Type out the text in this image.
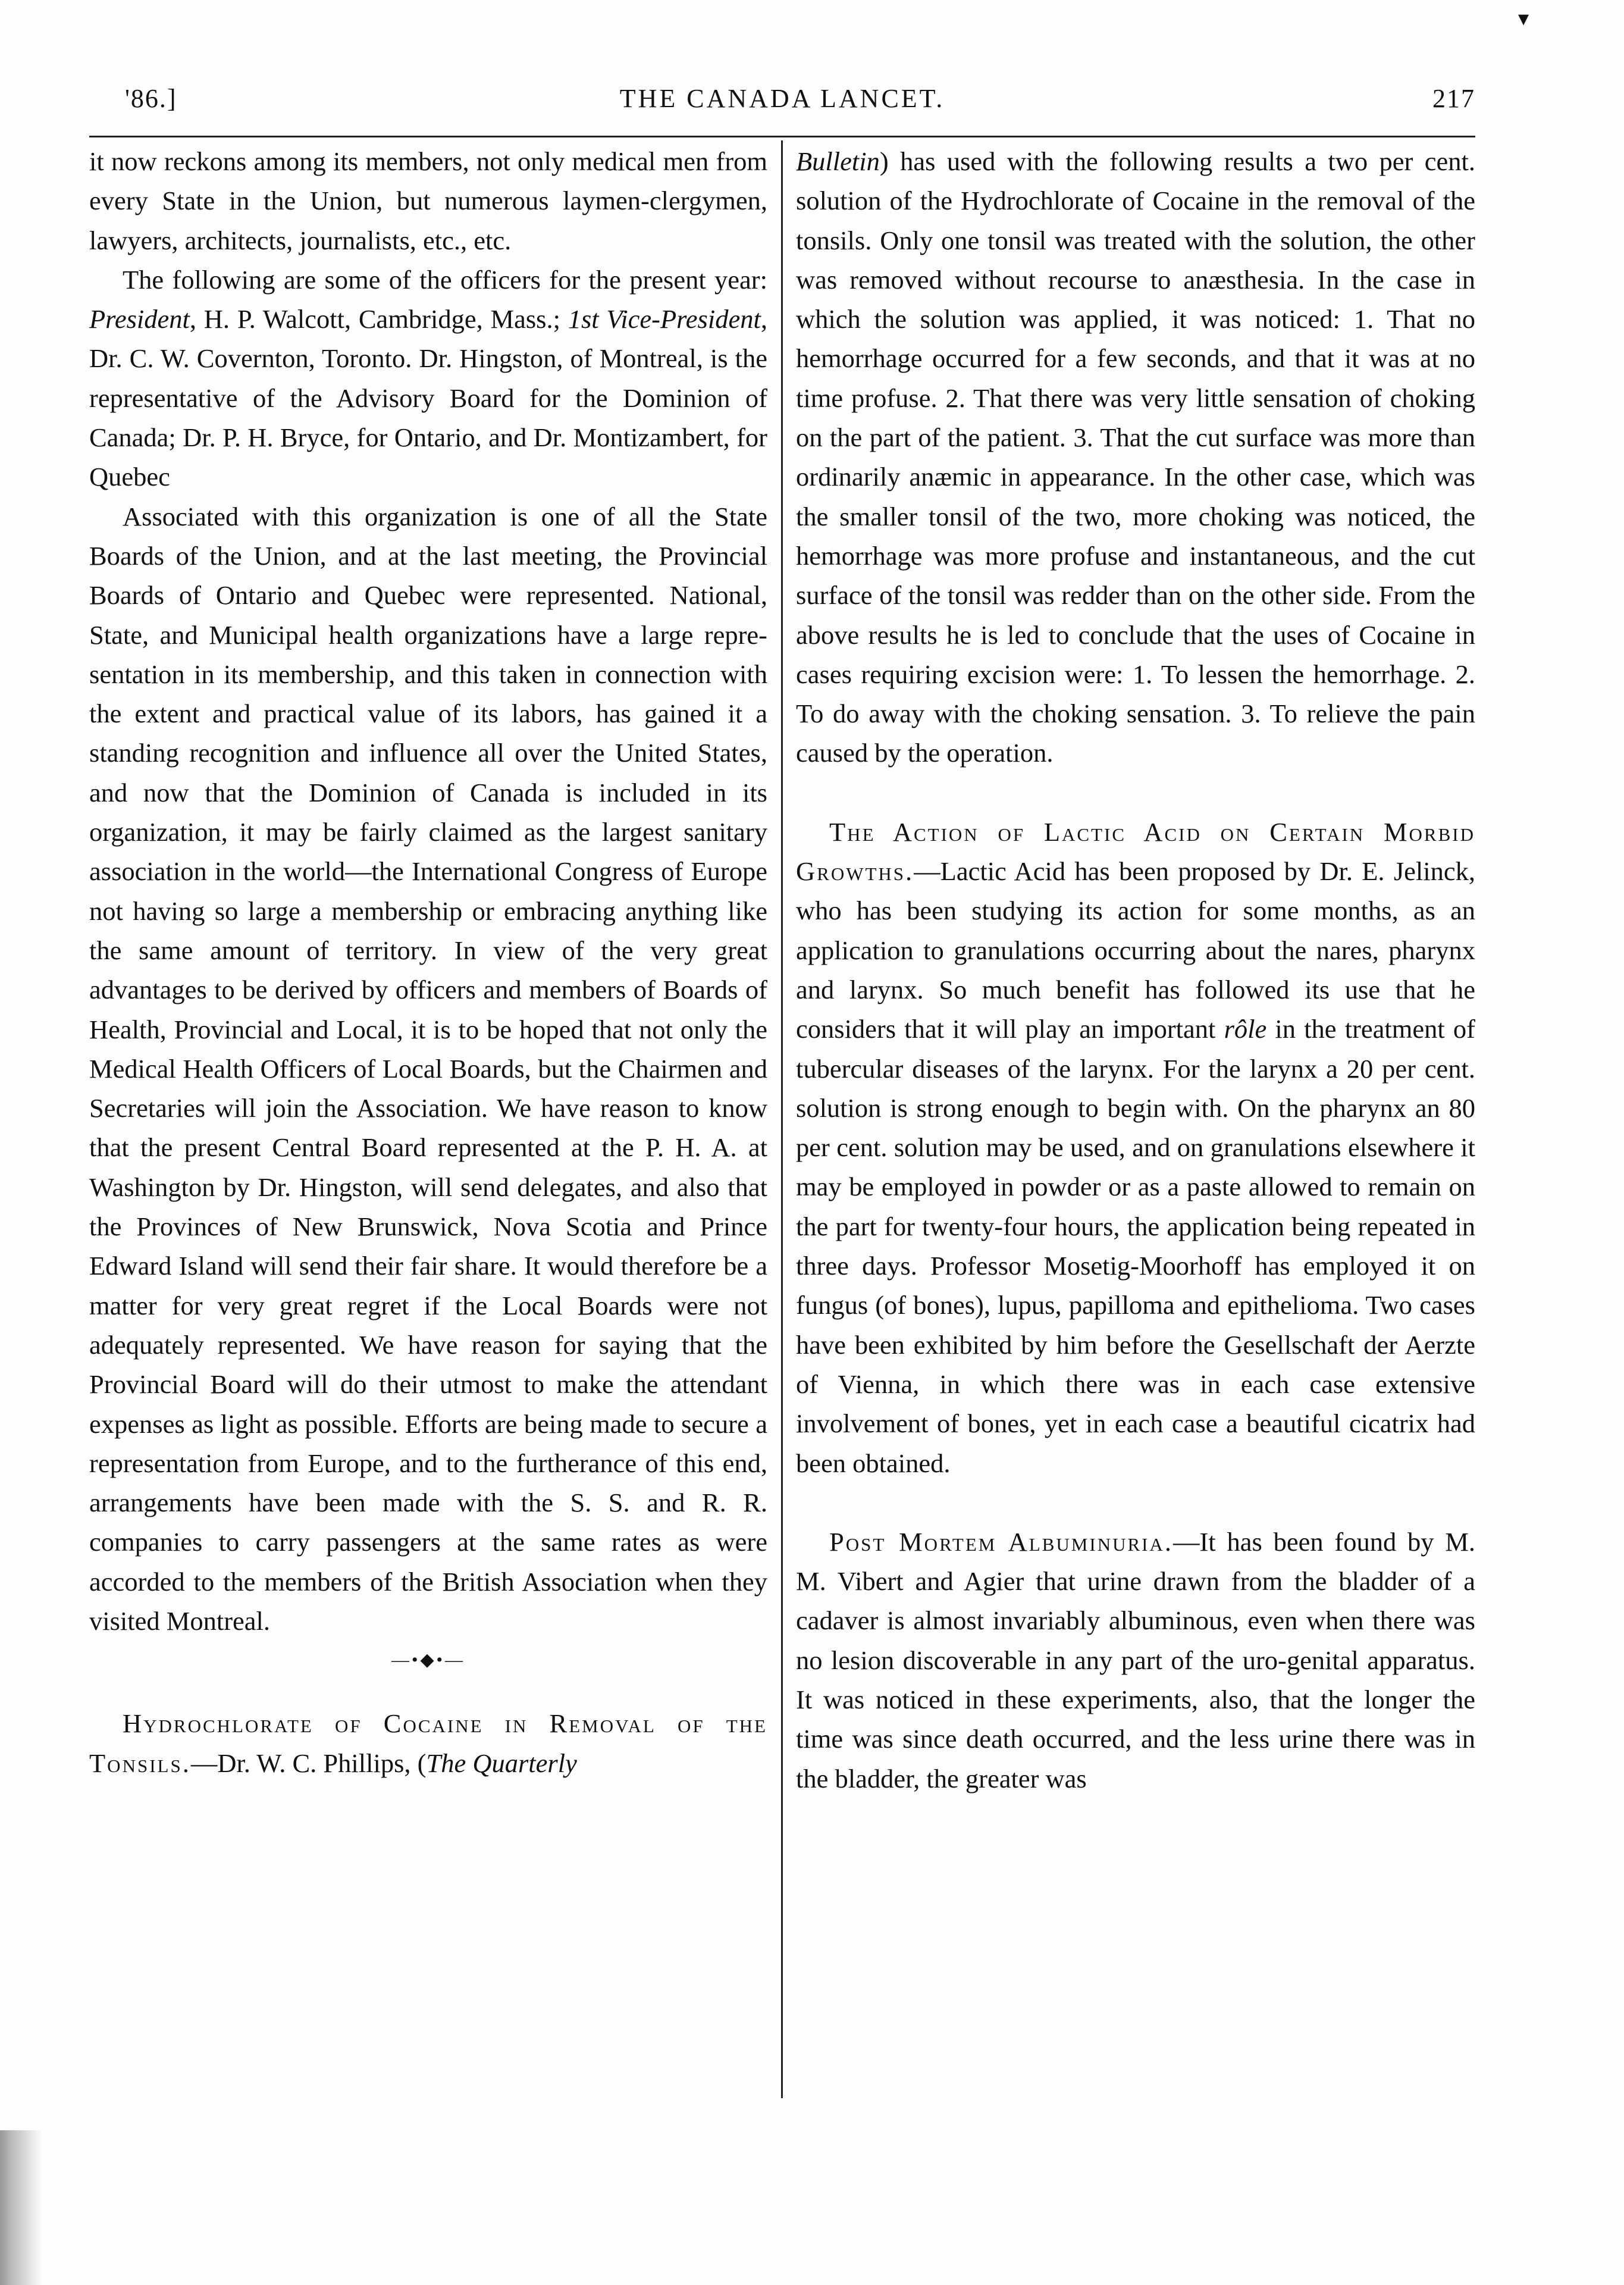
▾
'86.]	THE CANADA LANCET.	217

it now reckons among its members, not only medical men from every State in the Union, but numerous laymen-clergymen, lawyers, architects, journalists, etc., etc.

The following are some of the officers for the present year: President, H. P. Walcott, Cambridge, Mass.; 1st Vice-President, Dr. C. W. Covernton, Toronto. Dr. Hingston, of Montreal, is the representative of the Advisory Board for the Dominion of Canada; Dr. P. H. Bryce, for Ontario, and Dr. Montizambert, for Quebec

Associated with this organization is one of all the State Boards of the Union, and at the last meeting, the Provincial Boards of Ontario and Quebec were represented. National, State, and Municipal health organizations have a large representation in its membership, and this taken in connection with the extent and practical value of its labors, has gained it a standing recognition and influence all over the United States, and now that the Dominion of Canada is included in its organization, it may be fairly claimed as the largest sanitary association in the world—the International Congress of Europe not having so large a membership or embracing anything like the same amount of territory. In view of the very great advantages to be derived by officers and members of Boards of Health, Provincial and Local, it is to be hoped that not only the Medical Health Officers of Local Boards, but the Chairmen and Secretaries will join the Association. We have reason to know that the present Central Board represented at the P. H. A. at Washington by Dr. Hingston, will send delegates, and also that the Provinces of New Brunswick, Nova Scotia and Prince Edward Island will send their fair share. It would therefore be a matter for very great regret if the Local Boards were not adequately represented. We have reason for saying that the Provincial Board will do their utmost to make the attendant expenses as light as possible. Efforts are being made to secure a representation from Europe, and to the furtherance of this end, arrangements have been made with the S. S. and R. R. companies to carry passengers at the same rates as were accorded to the members of the British Association when they visited Montreal.

—•◆•—

Hydrochlorate of Cocaine in Removal of the Tonsils.—Dr. W. C. Phillips, (The Quarterly

Bulletin) has used with the following results a two per cent. solution of the Hydrochlorate of Cocaine in the removal of the tonsils. Only one tonsil was treated with the solution, the other was removed without recourse to anæsthesia. In the case in which the solution was applied, it was noticed: 1. That no hemorrhage occurred for a few seconds, and that it was at no time profuse. 2. That there was very little sensation of choking on the part of the patient. 3. That the cut surface was more than ordinarily anæmic in appearance. In the other case, which was the smaller tonsil of the two, more choking was noticed, the hemorrhage was more profuse and instantaneous, and the cut surface of the tonsil was redder than on the other side. From the above results he is led to conclude that the uses of Cocaine in cases requiring excision were: 1. To lessen the hemorrhage. 2. To do away with the choking sensation. 3. To relieve the pain caused by the operation.

The Action of Lactic Acid on Certain Morbid Growths.—Lactic Acid has been proposed by Dr. E. Jelinck, who has been studying its action for some months, as an application to granulations occurring about the nares, pharynx and larynx. So much benefit has followed its use that he considers that it will play an important rôle in the treatment of tubercular diseases of the larynx. For the larynx a 20 per cent. solution is strong enough to begin with. On the pharynx an 80 per cent. solution may be used, and on granulations elsewhere it may be employed in powder or as a paste allowed to remain on the part for twenty-four hours, the application being repeated in three days. Professor Mosetig-Moorhoff has employed it on fungus (of bones), lupus, papilloma and epithelioma. Two cases have been exhibited by him before the Gesellschaft der Aerzte of Vienna, in which there was in each case extensive involvement of bones, yet in each case a beautiful cicatrix had been obtained.

Post Mortem Albuminuria.—It has been found by M. M. Vibert and Agier that urine drawn from the bladder of a cadaver is almost invariably albuminous, even when there was no lesion discoverable in any part of the uro-genital apparatus. It was noticed in these experiments, also, that the longer the time was since death occurred, and the less urine there was in the bladder, the greater was
